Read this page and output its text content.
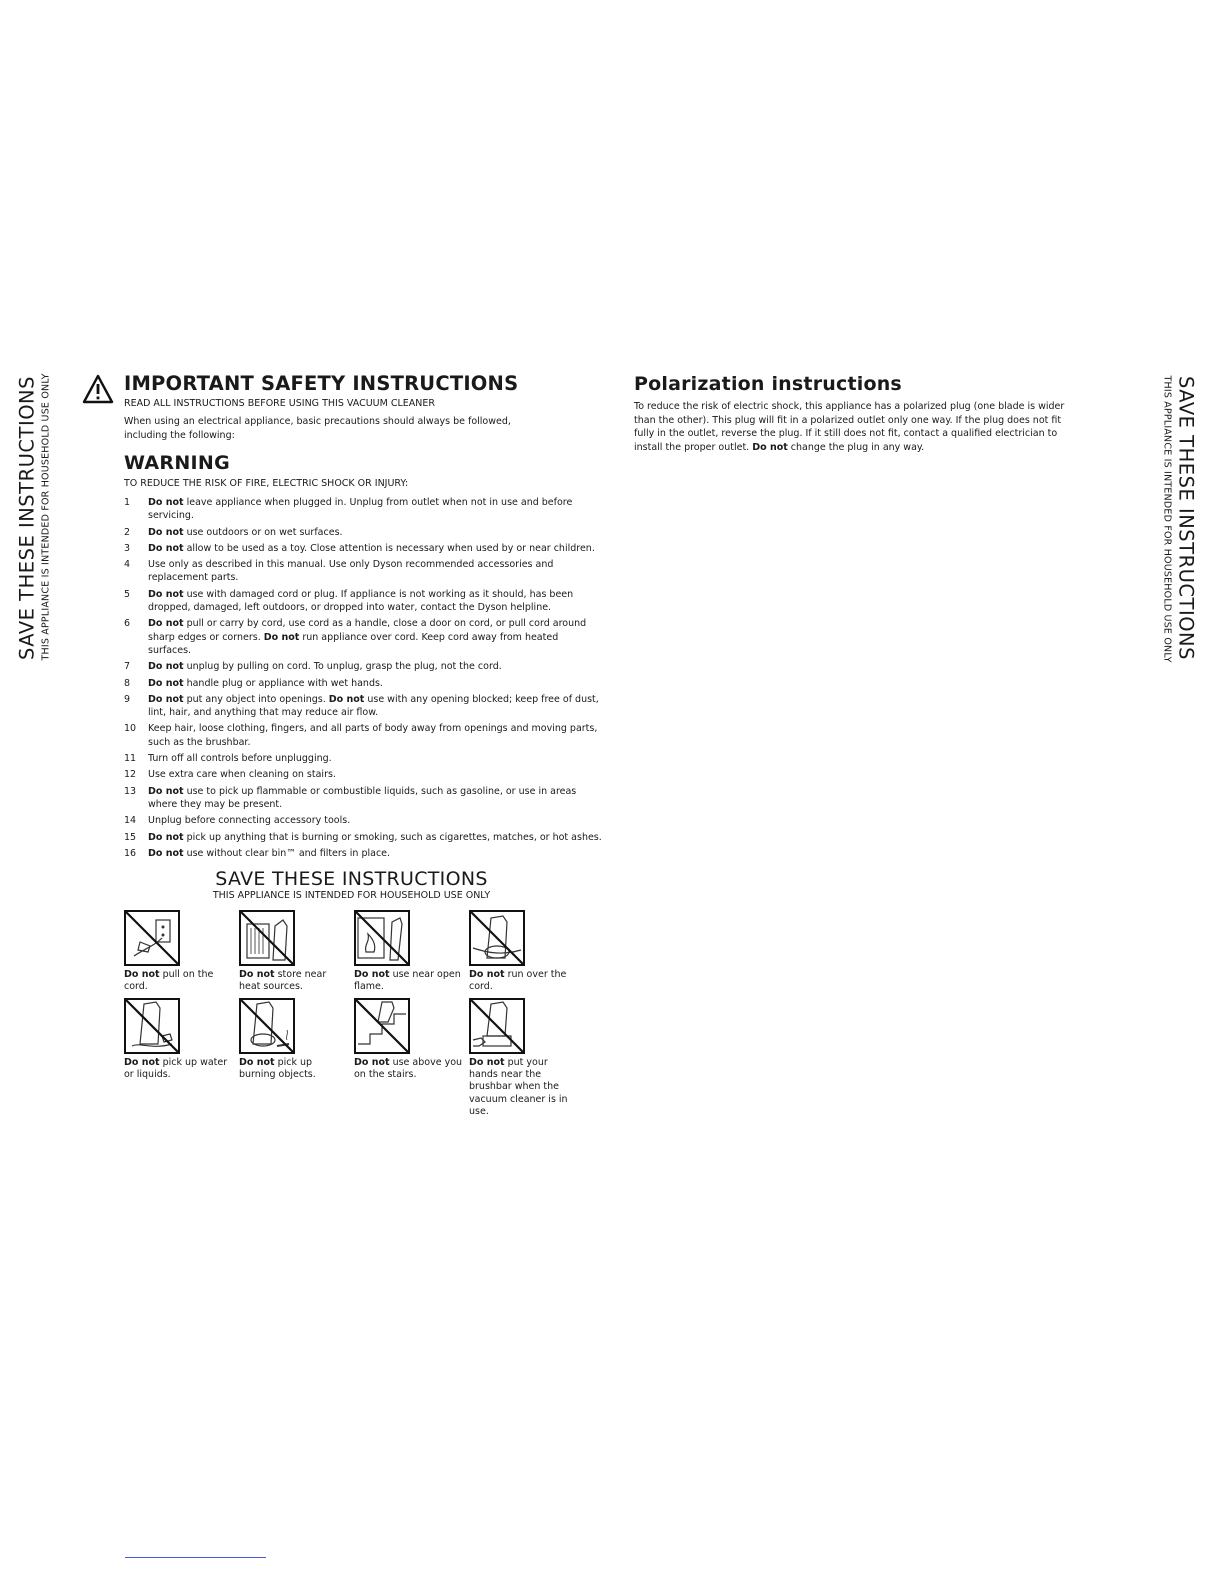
SAVE THESE INSTRUCTIONS THIS APPLIANCE IS INTENDED FOR HOUSEHOLD USE ONLY	SAVE THESE INSTRUCTIONS
THIS APPLIANCE IS INTENDED FOR HOUSEHOLD USE ONLY
IMPORTANT SAFETY INSTRUCTIONS

READ ALL INSTRUCTIONS BEFORE USING THIS VACUUM CLEANER

When using an electrical appliance, basic precautions should always be followed, including the following:

WARNING

TO REDUCE THE RISK OF FIRE, ELECTRIC SHOCK OR INJURY:

1 Do not leave appliance when plugged in. Unplug from outlet when not in use and before servicing.
2 Do not use outdoors or on wet surfaces.
3 Do not allow to be used as a toy. Close attention is necessary when used by or near children.
4 Use only as described in this manual. Use only Dyson recommended accessories and replacement parts.
5 Do not use with damaged cord or plug. If appliance is not working as it should, has been dropped, damaged, left outdoors, or dropped into water, contact the Dyson helpline.
6 Do not pull or carry by cord, use cord as a handle, close a door on cord, or pull cord around sharp edges or corners. Do not run appliance over cord. Keep cord away from heated surfaces.
7 Do not unplug by pulling on cord. To unplug, grasp the plug, not the cord.
8 Do not handle plug or appliance with wet hands.
9 Do not put any object into openings. Do not use with any opening blocked; keep free of dust, lint, hair, and anything that may reduce air flow.
10 Keep hair, loose clothing, fingers, and all parts of body away from openings and moving parts, such as the brushbar.
11 Turn off all controls before unplugging.
12 Use extra care when cleaning on stairs.
13 Do not use to pick up flammable or combustible liquids, such as gasoline, or use in areas where they may be present.
14 Unplug before connecting accessory tools.
15 Do not pick up anything that is burning or smoking, such as cigarettes, matches, or hot ashes.
16 Do not use without clear bin™ and filters in place.
SAVE THESE INSTRUCTIONS
THIS APPLIANCE IS INTENDED FOR HOUSEHOLD USE ONLY
Do not pull on the cord.
Do not store near heat sources.
Do not use near open flame.
Do not run over the cord.
Do not pick up water or liquids.
Do not pick up burning objects.
Do not use above you on the stairs.
Do not put your hands near the brushbar when the vacuum cleaner is in use.
Polarization instructions

To reduce the risk of electric shock, this appliance has a polarized plug (one blade is wider than the other). This plug will fit in a polarized outlet only one way. If the plug does not fit fully in the outlet, reverse the plug. If it still does not fit, contact a qualified electrician to install the proper outlet. Do not change the plug in any way.
